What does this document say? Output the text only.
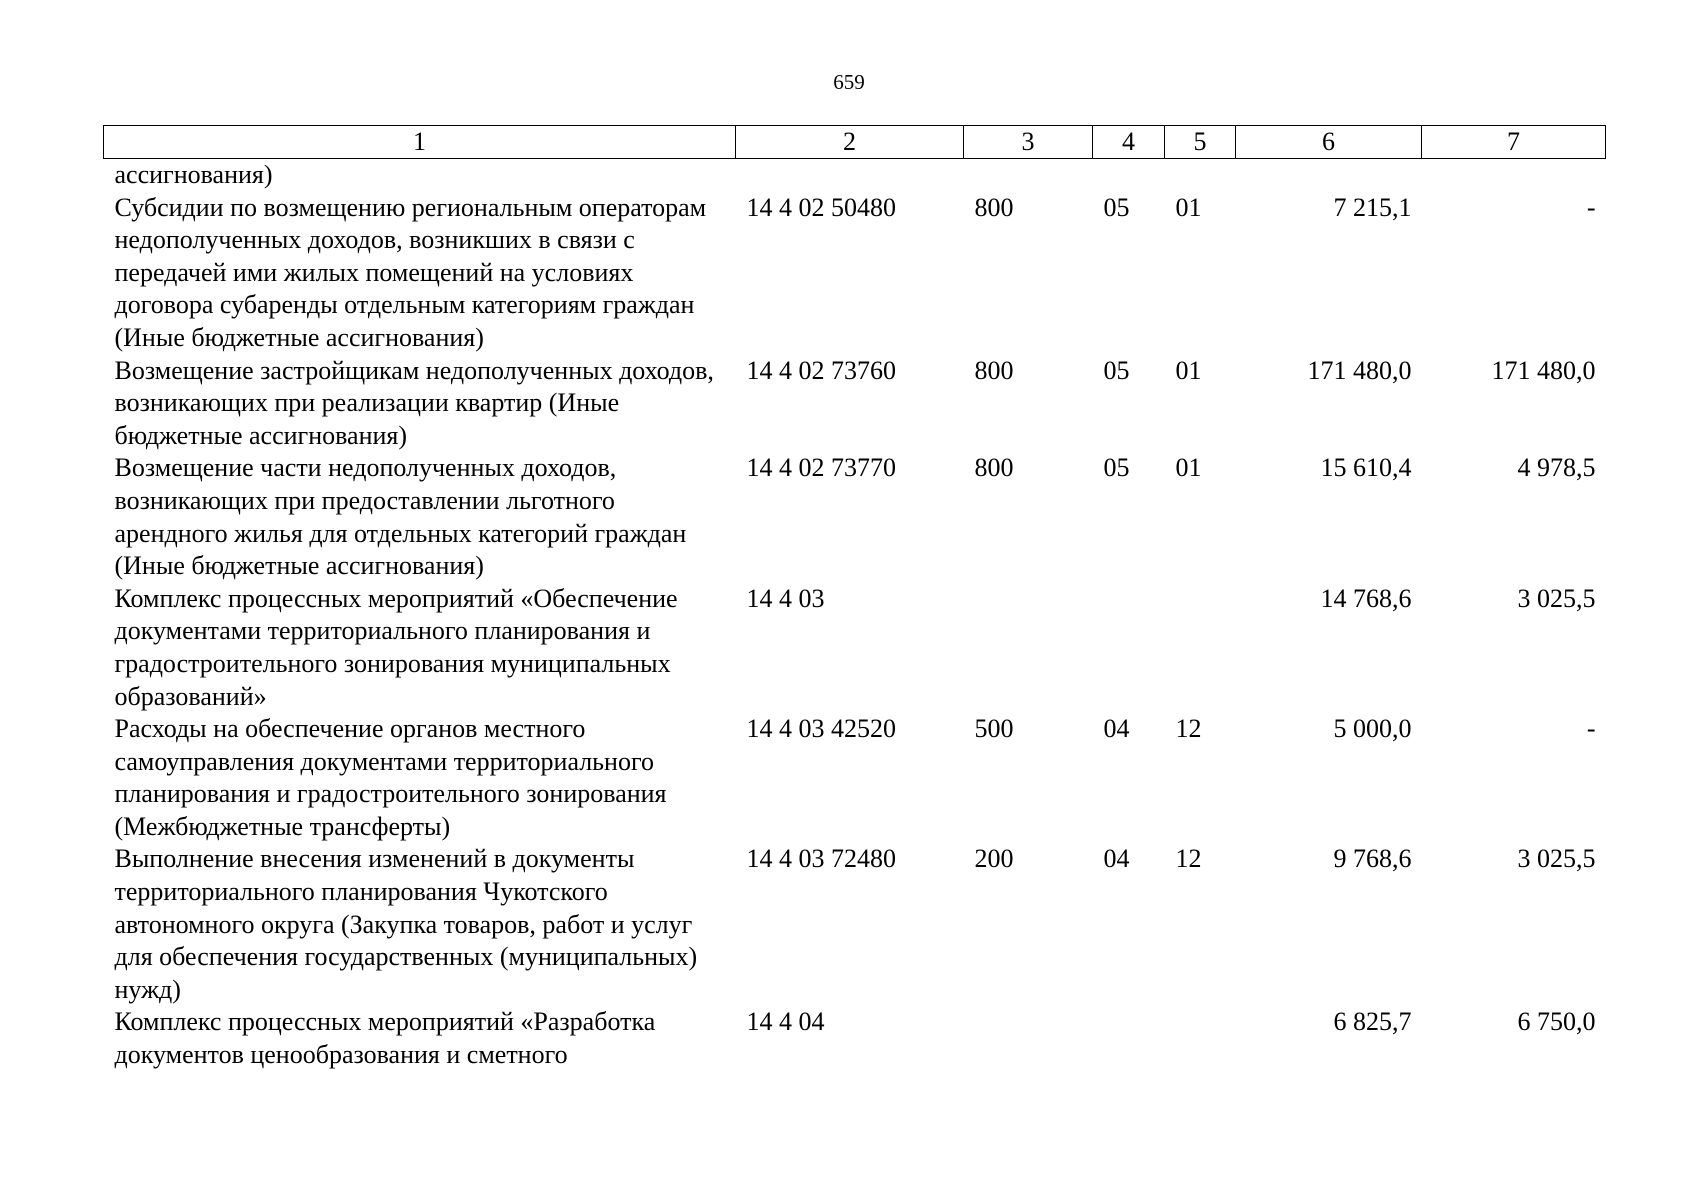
659
1	2	3	4	5	6	7
ассигнования)						
Субсидии по возмещению региональным операторам недополученных доходов, возникших в связи с передачей ими жилых помещений на условиях договора субаренды отдельным категориям граждан (Иные бюджетные ассигнования)	14 4 02 50480	800	05	01	7 215,1	-
Возмещение застройщикам недополученных доходов, возникающих при реализации квартир (Иные бюджетные ассигнования)	14 4 02 73760	800	05	01	171 480,0	171 480,0
Возмещение части недополученных доходов, возникающих при предоставлении льготного арендного жилья для отдельных категорий граждан (Иные бюджетные ассигнования)	14 4 02 73770	800	05	01	15 610,4	4 978,5
Комплекс процессных мероприятий «Обеспечение документами территориального планирования и градостроительного зонирования муниципальных образований»	14 4 03				14 768,6	3 025,5
Расходы на обеспечение органов местного самоуправления документами территориального планирования и градостроительного зонирования (Межбюджетные трансферты)	14 4 03 42520	500	04	12	5 000,0	-
Выполнение внесения изменений в документы территориального планирования Чукотского автономного округа (Закупка товаров, работ и услуг для обеспечения государственных (муниципальных) нужд)	14 4 03 72480	200	04	12	9 768,6	3 025,5
Комплекс процессных мероприятий «Разработка документов ценообразования и сметного	14 4 04				6 825,7	6 750,0
